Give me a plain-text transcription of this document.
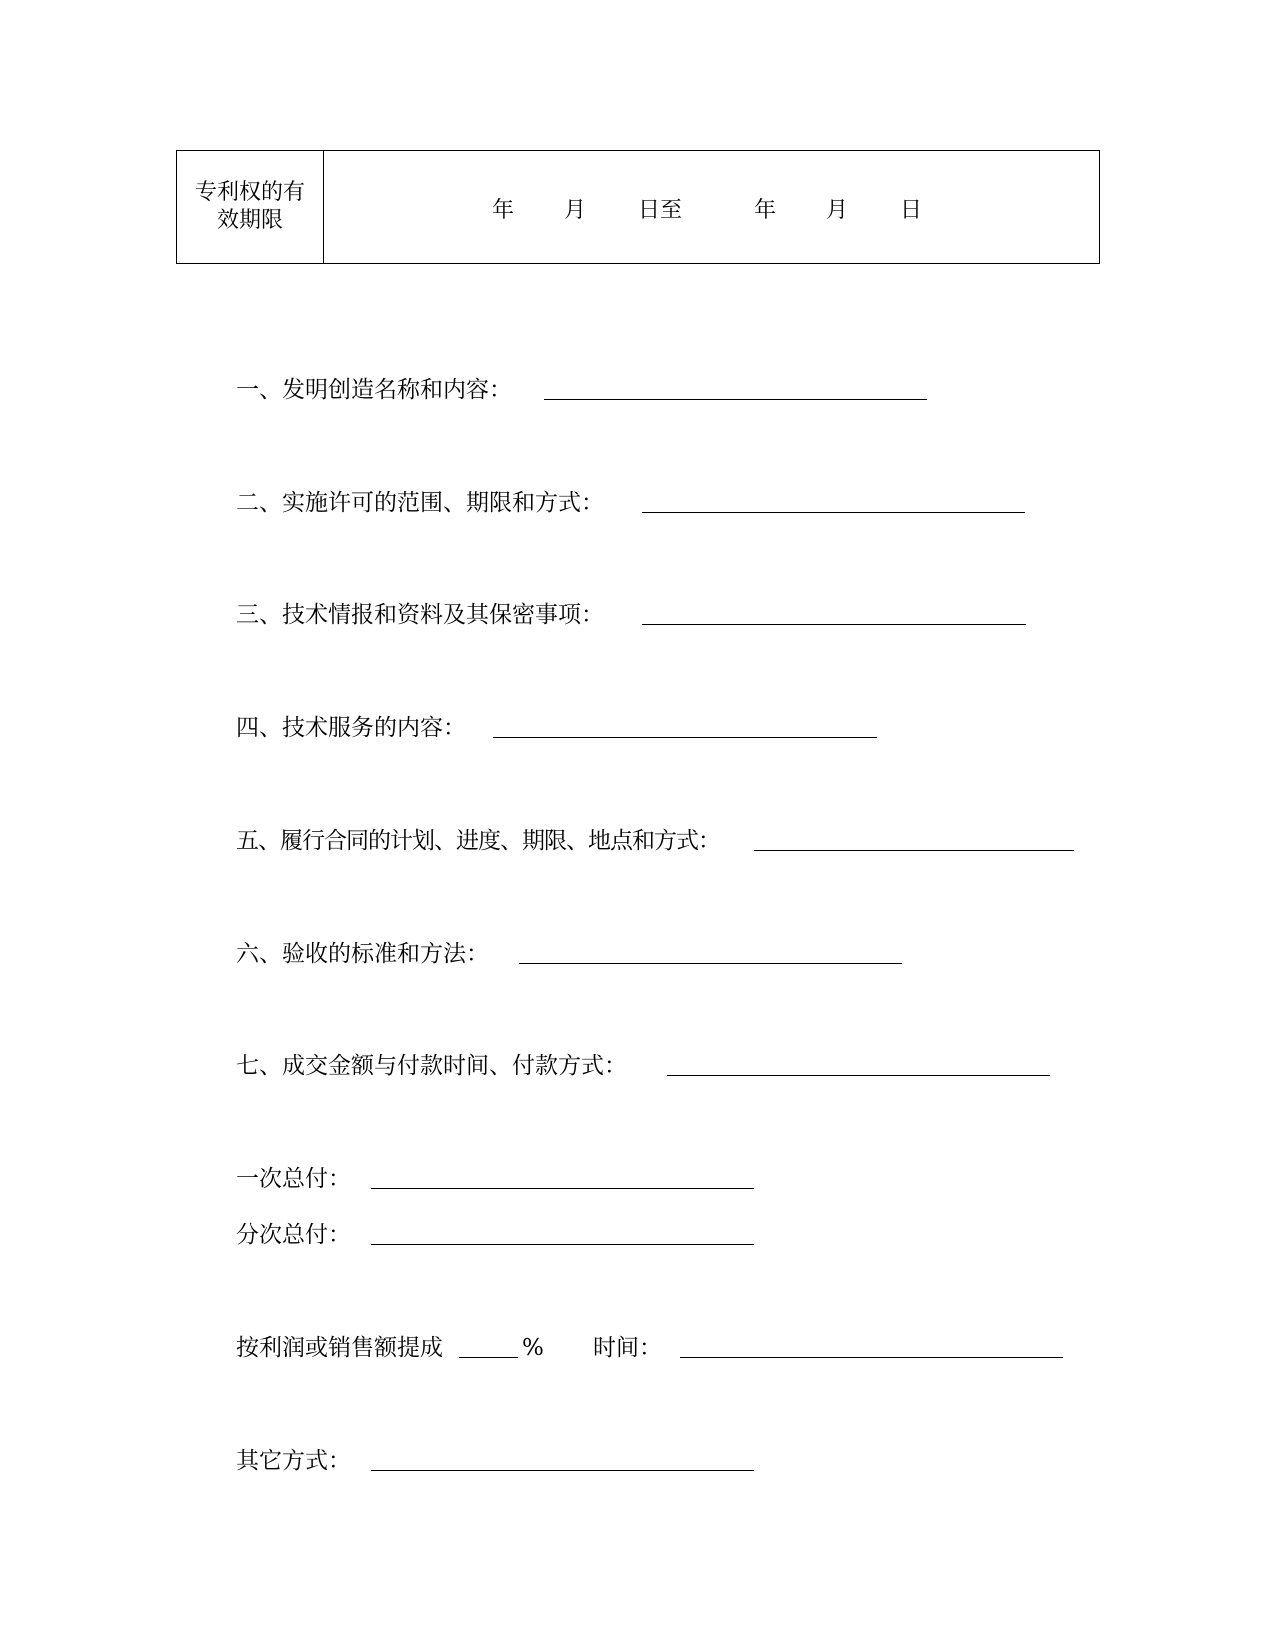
专利权的有效期限	年 月 日至	年 月 日
一、发明创造名称和内容：
二、实施许可的范围、期限和方式：
三、技术情报和资料及其保密事项：
四、技术服务的内容：
五、履行合同的计划、进度、期限、地点和方式：
六、验收的标准和方法：
七、成交金额与付款时间、付款方式：
一次总付：
分次总付：
按利润或销售额提成	% 时间：
其它方式：
